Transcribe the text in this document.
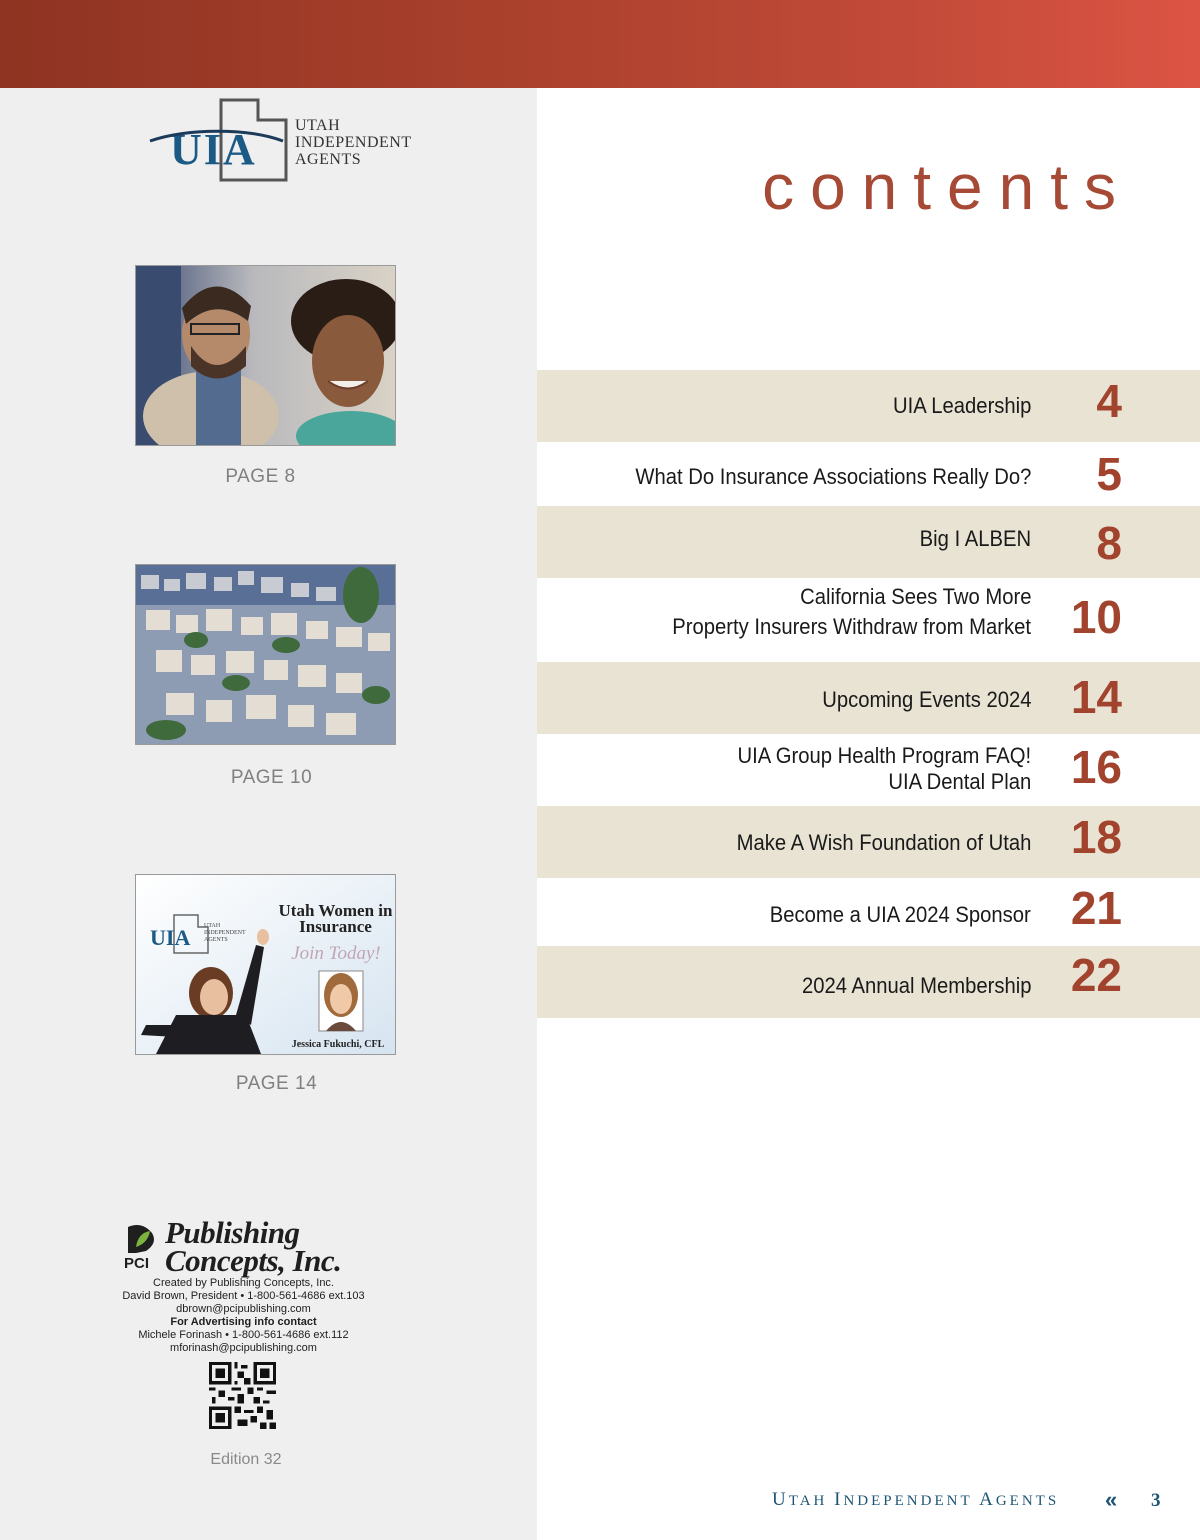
UIA UTAH
INDEPENDENT
AGENTS
PAGE 8
PAGE 10
UIA UTAH
INDEPENDENT
AGENTS
Utah Women in Insurance
Join Today!
Jessica Fukuchi, CFL
PAGE 14
Publishing
Concepts, Inc.
PCI
Created by Publishing Concepts, Inc.
David Brown, President • 1-800-561-4686 ext.103
dbrown@pcipublishing.com
For Advertising info contact
Michele Forinash • 1-800-561-4686 ext.112
mforinash@pcipublishing.com
Edition 32
contents
UIA Leadership 4
What Do Insurance Associations Really Do? 5
Big I ALBEN 8
California Sees Two More
Property Insurers Withdraw from Market 10
Upcoming Events 2024 14
UIA Group Health Program FAQ!
UIA Dental Plan 16
Make A Wish Foundation of Utah 18
Become a UIA 2024 Sponsor 21
2024 Annual Membership 22
UTAH INDEPENDENT AGENTS « 3
